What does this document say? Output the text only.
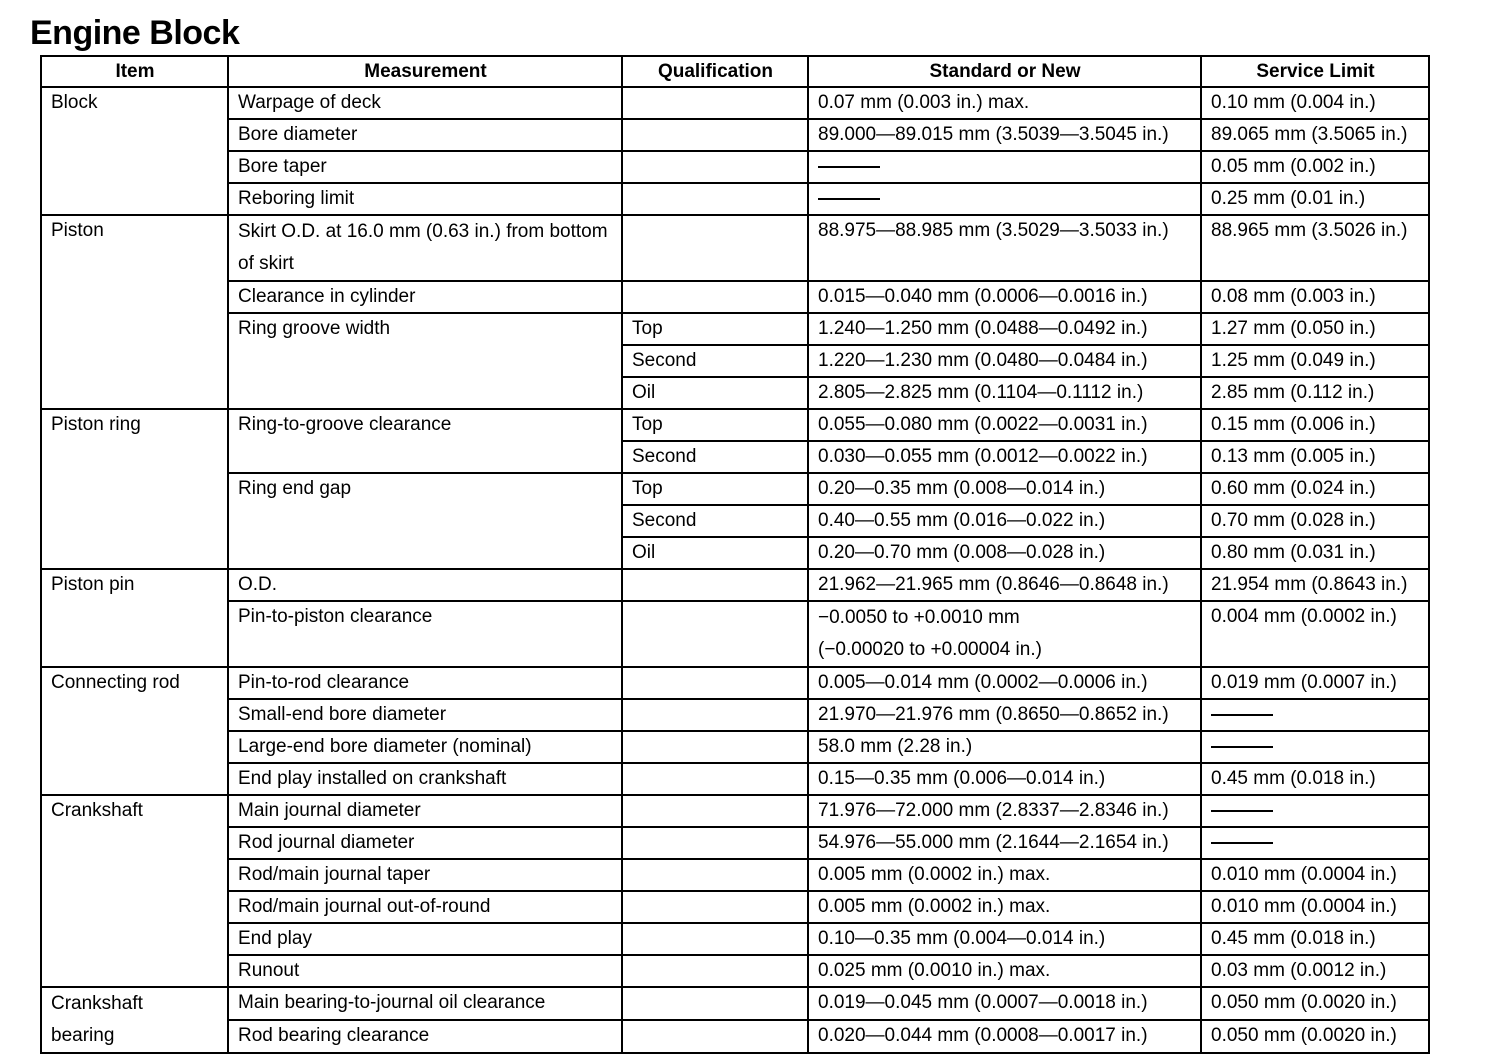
Engine Block
Item	Measurement	Qualification	Standard or New	Service Limit
Block	Warpage of deck		0.07 mm (0.003 in.) max.	0.10 mm (0.004 in.)
	Bore diameter		89.000—89.015 mm (3.5039—3.5045 in.)	89.065 mm (3.5065 in.)
	Bore taper			0.05 mm (0.002 in.)
	Reboring limit			0.25 mm (0.01 in.)
Piston	Skirt O.D. at 16.0 mm (0.63 in.) from bottom of skirt		88.975—88.985 mm (3.5029—3.5033 in.)	88.965 mm (3.5026 in.)
	Clearance in cylinder		0.015—0.040 mm (0.0006—0.0016 in.)	0.08 mm (0.003 in.)
	Ring groove width	Top	1.240—1.250 mm (0.0488—0.0492 in.)	1.27 mm (0.050 in.)
		Second	1.220—1.230 mm (0.0480—0.0484 in.)	1.25 mm (0.049 in.)
		Oil	2.805—2.825 mm (0.1104—0.1112 in.)	2.85 mm (0.112 in.)
Piston ring	Ring-to-groove clearance	Top	0.055—0.080 mm (0.0022—0.0031 in.)	0.15 mm (0.006 in.)
		Second	0.030—0.055 mm (0.0012—0.0022 in.)	0.13 mm (0.005 in.)
	Ring end gap	Top	0.20—0.35 mm (0.008—0.014 in.)	0.60 mm (0.024 in.)
		Second	0.40—0.55 mm (0.016—0.022 in.)	0.70 mm (0.028 in.)
		Oil	0.20—0.70 mm (0.008—0.028 in.)	0.80 mm (0.031 in.)
Piston pin	O.D.		21.962—21.965 mm (0.8646—0.8648 in.)	21.954 mm (0.8643 in.)
	Pin-to-piston clearance		−0.0050 to +0.0010 mm
(−0.00020 to +0.00004 in.)	0.004 mm (0.0002 in.)
Connecting rod	Pin-to-rod clearance		0.005—0.014 mm (0.0002—0.0006 in.)	0.019 mm (0.0007 in.)
	Small-end bore diameter		21.970—21.976 mm (0.8650—0.8652 in.)	
	Large-end bore diameter (nominal)		58.0 mm (2.28 in.)	
	End play installed on crankshaft		0.15—0.35 mm (0.006—0.014 in.)	0.45 mm (0.018 in.)
Crankshaft	Main journal diameter		71.976—72.000 mm (2.8337—2.8346 in.)	
	Rod journal diameter		54.976—55.000 mm (2.1644—2.1654 in.)	
	Rod/main journal taper		0.005 mm (0.0002 in.) max.	0.010 mm (0.0004 in.)
	Rod/main journal out-of-round		0.005 mm (0.0002 in.) max.	0.010 mm (0.0004 in.)
	End play		0.10—0.35 mm (0.004—0.014 in.)	0.45 mm (0.018 in.)
	Runout		0.025 mm (0.0010 in.) max.	0.03 mm (0.0012 in.)

Crankshaft
bearing	Main bearing-to-journal oil clearance		0.019—0.045 mm (0.0007—0.0018 in.)	0.050 mm (0.0020 in.)
	Rod bearing clearance		0.020—0.044 mm (0.0008—0.0017 in.)	0.050 mm (0.0020 in.)
